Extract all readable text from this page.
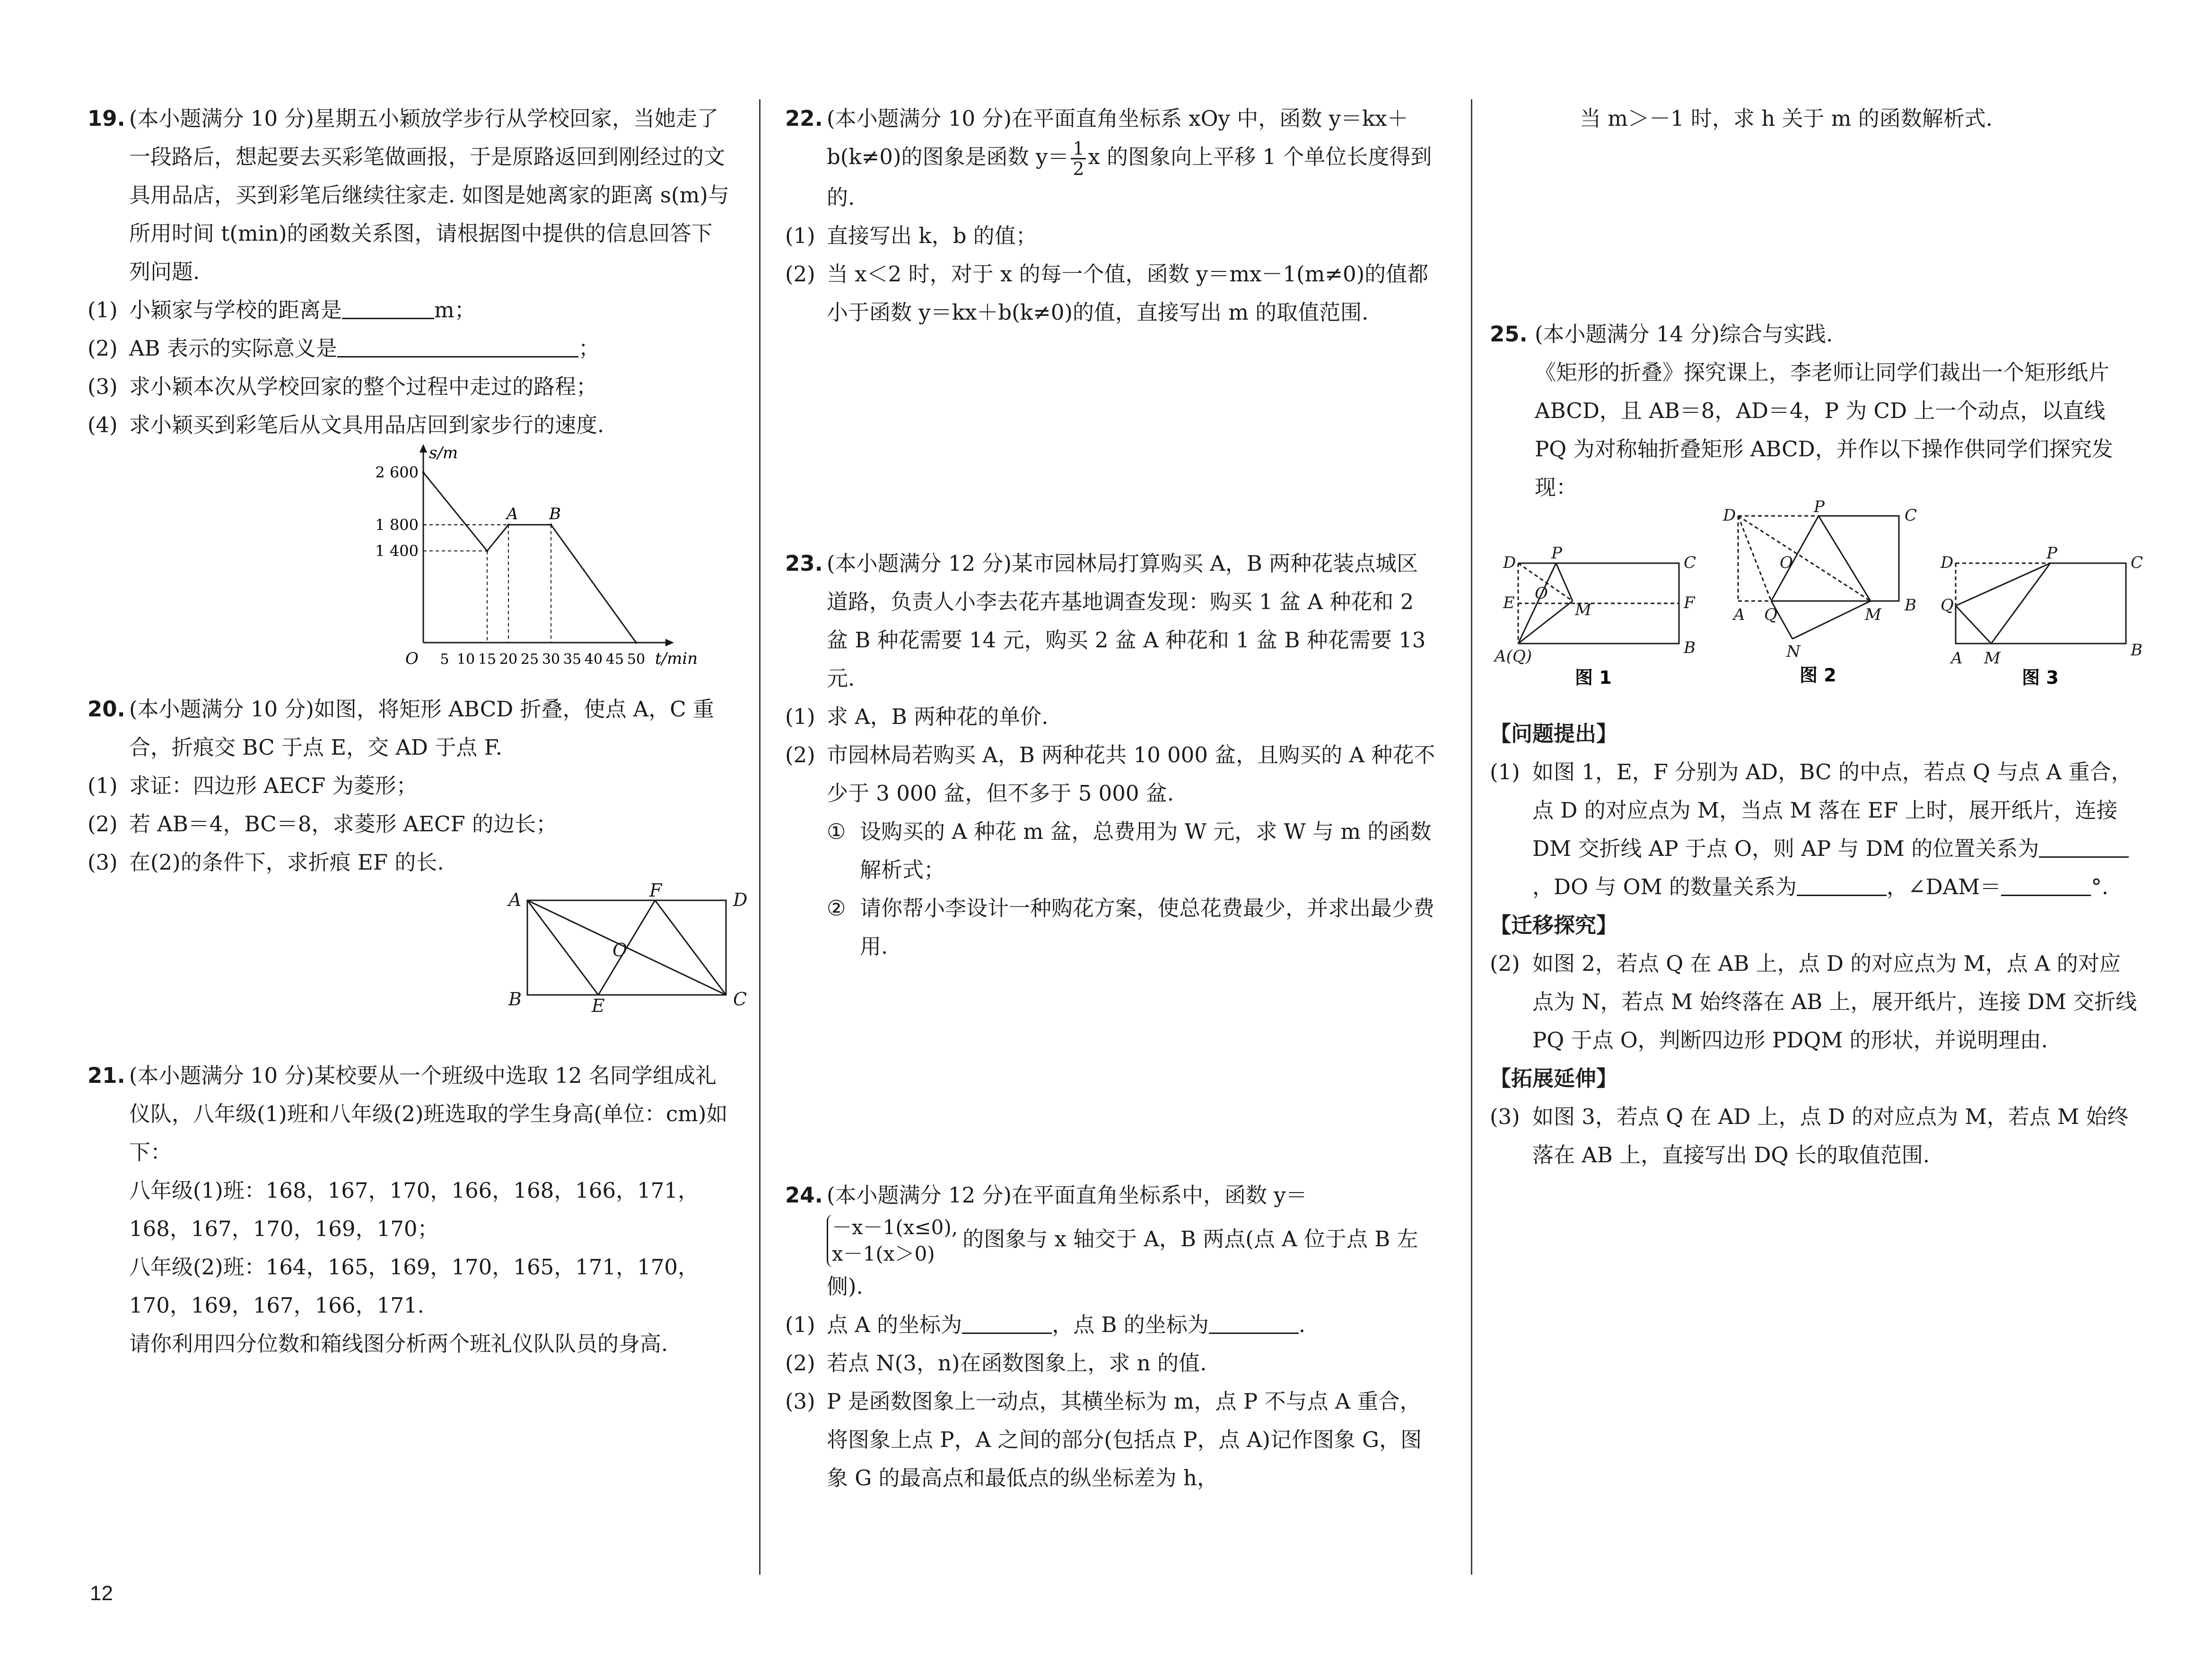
19. (本小题满分 10 分)星期五小颖放学步行从学校回家，当她走了一段路后，想起要去买彩笔做画报，于是原路返回到刚经过的文具用品店，买到彩笔后继续往家走. 如图是她离家的距离 s(m)与所用时间 t(min)的函数关系图，请根据图中提供的信息回答下列问题.

(1) 小颖家与学校的距离是	m；

(2) AB 表示的实际意义是	；

(3) 求小颖本次从学校回家的整个过程中走过的路程；

(4) 求小颖买到彩笔后从文具用品店回到家步行的速度.

5 10 15 20 25 30 35 40 45 50
2 600
1 800
1 400
s/m
t/min
O
A B

20. (本小题满分 10 分)如图，将矩形 ABCD 折叠，使点 A，C 重合，折痕交 BC 于点 E，交 AD 于点 F.

(1) 求证：四边形 AECF 为菱形；

(2) 若 AB＝4，BC＝8，求菱形 AECF 的边长；

(3) 在(2)的条件下，求折痕 EF 的长.

A	D
B	C
E
F
O

21. (本小题满分 10 分)某校要从一个班级中选取 12 名同学组成礼仪队，八年级(1)班和八年级(2)班选取的学生身高(单位：cm)如下：

八年级(1)班：168，167，170，166，168，166，171，168，167，170，169，170；

八年级(2)班：164，165，169，170，165，171，170，170，169，167，166，171.

请你利用四分位数和箱线图分析两个班礼仪队队员的身高.

22. (本小题满分 10 分)在平面直角坐标系 xOy 中，函数 y＝kx＋b(k≠0)的图象是函数 $y= \frac{1}{2}$ x 的图象向上平移 1 个单位长度得到的.

(1) 直接写出 k，b 的值；

(2) 当 x＜2 时，对于 x 的每一个值，函数 y＝mx－1(m≠0)的值都小于函数 y＝kx＋b(k≠0)的值，直接写出 m 的取值范围.

23. (本小题满分 12 分)某市园林局打算购买 A，B 两种花装点城区道路，负责人小李去花卉基地调查发现：购买 1 盆 A 种花和 2 盆 B 种花需要 14 元，购买 2 盆 A 种花和 1 盆 B 种花需要 13 元.

(1) 求 A，B 两种花的单价.

(2) 市园林局若购买 A，B 两种花共 10 000 盆，且购买的 A 种花不少于 3 000 盆，但不多于 5 000 盆.

① 设购买的 A 种花 m 盆，总费用为 W 元，求 W 与 m 的函数解析式；

② 请你帮小李设计一种购花方案，使总花费最少，并求出最少费用.

24. (本小题满分 12 分)在平面直角坐标系中，函数 y＝

－x－1(x≤0),
x－1(x＞0)
的图象与 x 轴交于 A，B 两点(点 A 位于点 B 左侧).

(1) 点 A 的坐标为	，点 B 的坐标为	.

(2) 若点 N(3，n)在函数图象上，求 n 的值.

(3) P 是函数图象上一动点，其横坐标为 m，点 P 不与点 A 重合，将图象上点 P，A 之间的部分(包括点 P，点 A)记作图象 G，图象 G 的最高点和最低点的纵坐标差为 h，

当 m＞－1 时，求 h 关于 m 的函数解析式.

25. (本小题满分 14 分)综合与实践.

《矩形的折叠》探究课上，李老师让同学们裁出一个矩形纸片 ABCD，且 AB＝8，AD＝4，P 为 CD 上一个动点，以直线 PQ 为对称轴折叠矩形 ABCD，并作以下操作供同学们探究发现：

D P	C
E	F
O
M
A(Q)	B
图 1
D	P	C
O
A Q	M B
N
图 2
D	P	C
Q
A M	B
图 3

【问题提出】

(1) 如图 1，E，F 分别为 AD，BC 的中点，若点 Q 与点 A 重合，点 D 的对应点为 M，当点 M 落在 EF 上时，展开纸片，连接 DM 交折线 AP 于点 O，则 AP 与 DM 的位置关系为，DO 与 OM 的数量关系为	，∠DAM＝	°.

【迁移探究】

(2) 如图 2，若点 Q 在 AB 上，点 D 的对应点为 M，点 A 的对应点为 N，若点 M 始终落在 AB 上，展开纸片，连接 DM 交折线 PQ 于点 O，判断四边形 PDQM 的形状，并说明理由.

【拓展延伸】

(3) 如图 3，若点 Q 在 AD 上，点 D 的对应点为 M，若点 M 始终落在 AB 上，直接写出 DQ 长的取值范围.

12
